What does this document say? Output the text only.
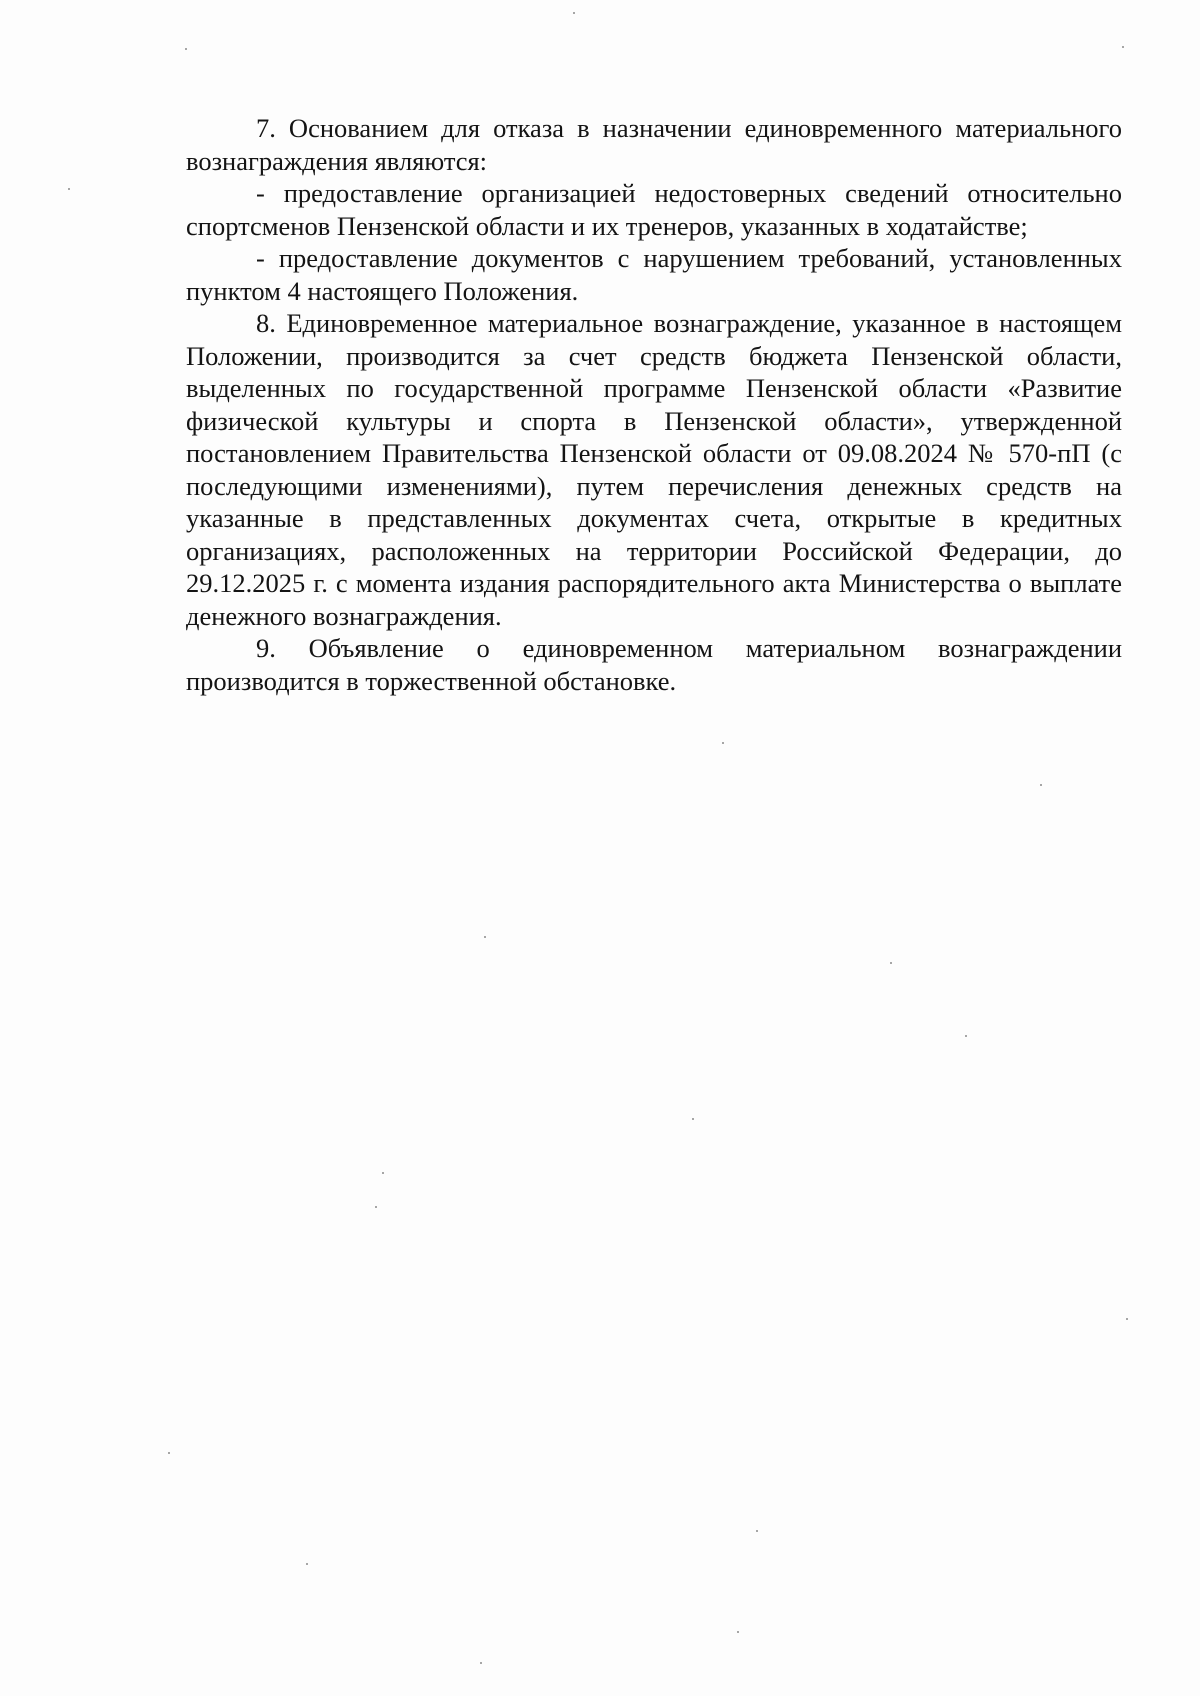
7. Основанием для отказа в назначении единовременного материального вознаграждения являются:

- предоставление организацией недостоверных сведений относительно спортсменов Пензенской области и их тренеров, указанных в ходатайстве;

- предоставление документов с нарушением требований, установленных пунктом 4 настоящего Положения.

8. Единовременное материальное вознаграждение, указанное в настоящем Положении, производится за счет средств бюджета Пензенской области, выделенных по государственной программе Пензенской области «Развитие физической культуры и спорта в Пензенской области», утвержденной постановлением Правительства Пензенской области от 09.08.2024 № 570-пП (с последующими изменениями), путем перечисления денежных средств на указанные в представленных документах счета, открытые в кредитных организациях, расположенных на территории Российской Федерации, до 29.12.2025 г. с момента издания распорядительного акта Министерства о выплате денежного вознаграждения.

9. Объявление о единовременном материальном вознаграждении производится в торжественной обстановке.
